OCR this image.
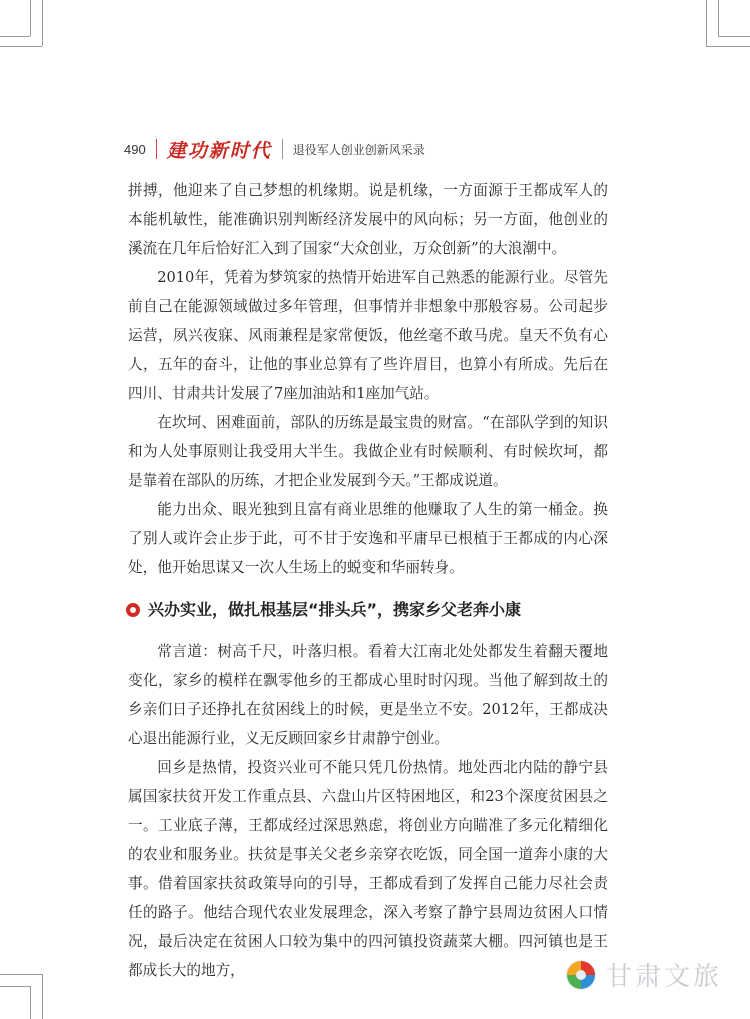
490 建功新时代 退役军人创业创新风采录

拼搏，他迎来了自己梦想的机缘期。说是机缘，一方面源于王都成军人的本能机敏性，能准确识别判断经济发展中的风向标；另一方面，他创业的溪流在几年后恰好汇入到了国家“大众创业，万众创新”的大浪潮中。

2010年，凭着为梦筑家的热情开始进军自己熟悉的能源行业。尽管先前自己在能源领域做过多年管理，但事情并非想象中那般容易。公司起步运营，夙兴夜寐、风雨兼程是家常便饭，他丝毫不敢马虎。皇天不负有心人，五年的奋斗，让他的事业总算有了些许眉目，也算小有所成。先后在四川、甘肃共计发展了7座加油站和1座加气站。

在坎坷、困难面前，部队的历练是最宝贵的财富。“在部队学到的知识和为人处事原则让我受用大半生。我做企业有时候顺利、有时候坎坷，都是靠着在部队的历练，才把企业发展到今天。”王都成说道。

能力出众、眼光独到且富有商业思维的他赚取了人生的第一桶金。换了别人或许会止步于此，可不甘于安逸和平庸早已根植于王都成的内心深处，他开始思谋又一次人生场上的蜕变和华丽转身。

兴办实业，做扎根基层“排头兵”，携家乡父老奔小康

常言道：树高千尺，叶落归根。看着大江南北处处都发生着翻天覆地变化，家乡的模样在飘零他乡的王都成心里时时闪现。当他了解到故土的乡亲们日子还挣扎在贫困线上的时候，更是坐立不安。2012年，王都成决心退出能源行业，义无反顾回家乡甘肃静宁创业。

回乡是热情，投资兴业可不能只凭几份热情。地处西北内陆的静宁县属国家扶贫开发工作重点县、六盘山片区特困地区，和23个深度贫困县之一。工业底子薄，王都成经过深思熟虑，将创业方向瞄准了多元化精细化的农业和服务业。扶贫是事关父老乡亲穿衣吃饭，同全国一道奔小康的大事。借着国家扶贫政策导向的引导，王都成看到了发挥自己能力尽社会责任的路子。他结合现代农业发展理念，深入考察了静宁县周边贫困人口情况，最后决定在贫困人口较为集中的四河镇投资蔬菜大棚。四河镇也是王都成长大的地方，	甘肃文旅
